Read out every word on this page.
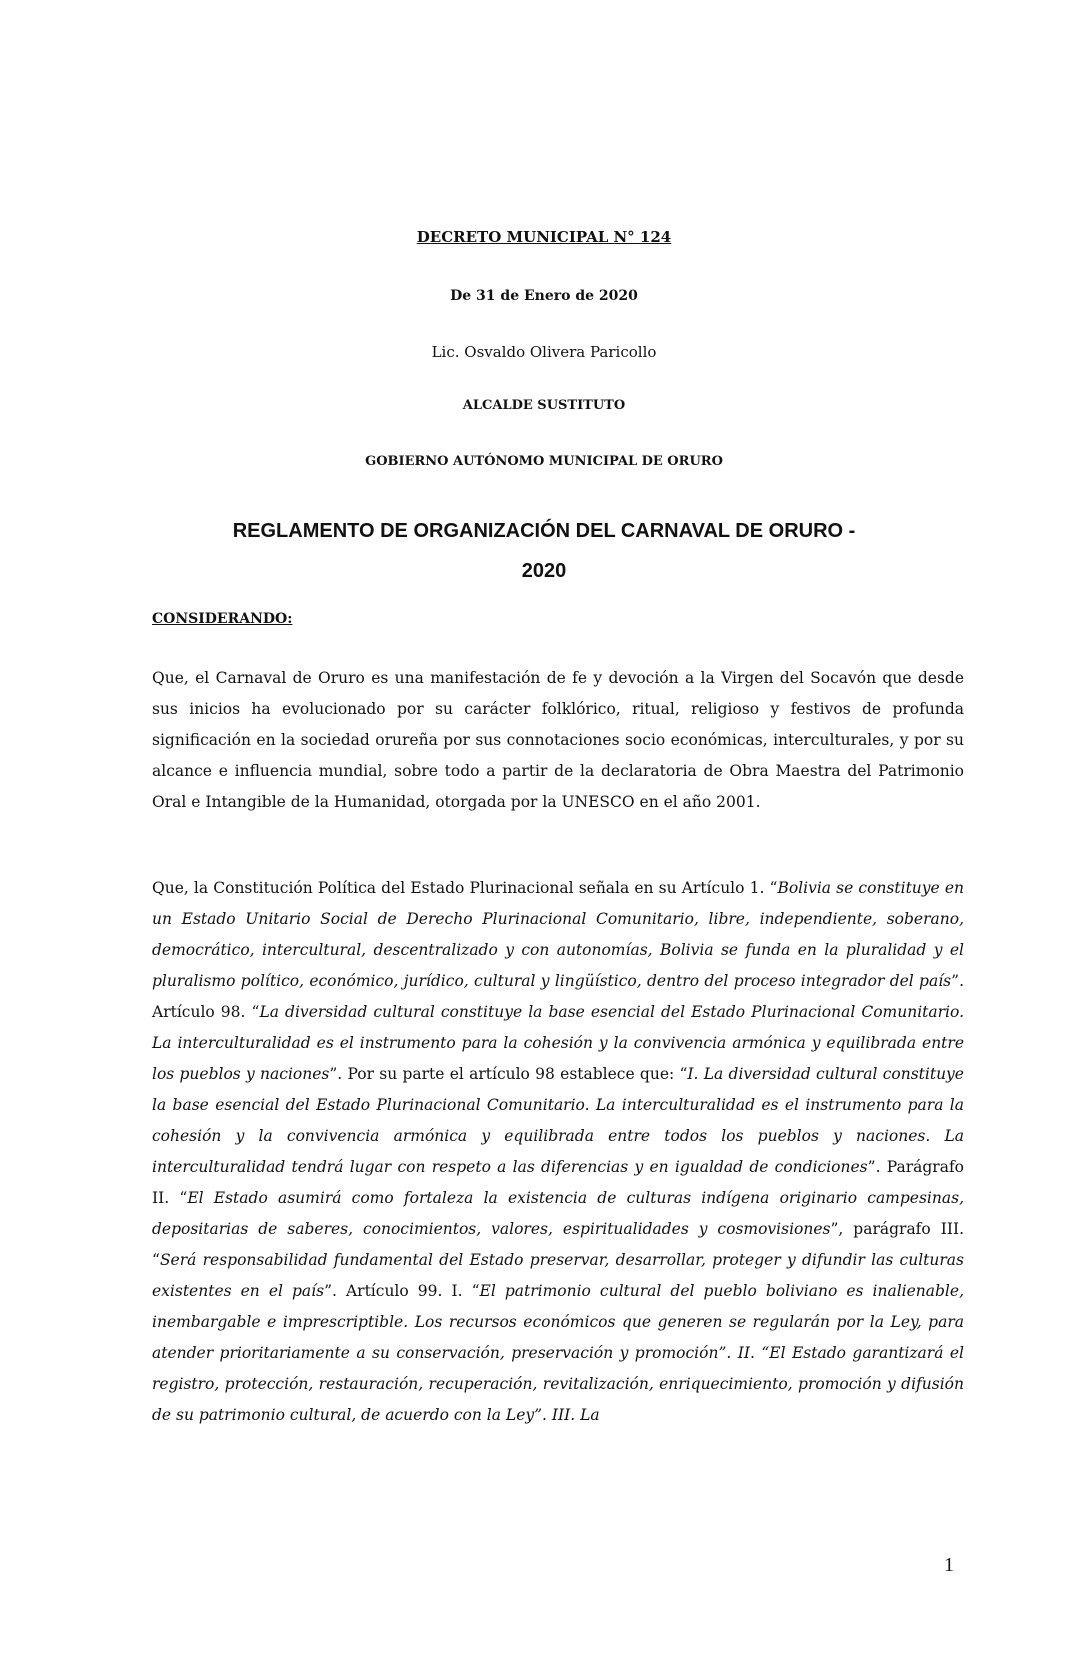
DECRETO MUNICIPAL N° 124
De 31 de Enero de 2020
Lic. Osvaldo Olivera Paricollo
ALCALDE SUSTITUTO
GOBIERNO AUTÓNOMO MUNICIPAL DE ORURO
REGLAMENTO DE ORGANIZACIÓN DEL CARNAVAL DE ORURO -
2020
CONSIDERANDO:

Que, el Carnaval de Oruro es una manifestación de fe y devoción a la Virgen del Socavón que desde sus inicios ha evolucionado por su carácter folklórico, ritual, religioso y festivos de profunda significación en la sociedad orureña por sus connotaciones socio económicas, interculturales, y por su alcance e influencia mundial, sobre todo a partir de la declaratoria de Obra Maestra del Patrimonio Oral e Intangible de la Humanidad, otorgada por la UNESCO en el año 2001.

Que, la Constitución Política del Estado Plurinacional señala en su Artículo 1. “Bolivia se constituye en un Estado Unitario Social de Derecho Plurinacional Comunitario, libre, independiente, soberano, democrático, intercultural, descentralizado y con autonomías, Bolivia se funda en la pluralidad y el pluralismo político, económico, jurídico, cultural y lingüístico, dentro del proceso integrador del país”. Artículo 98. “La diversidad cultural constituye la base esencial del Estado Plurinacional Comunitario. La interculturalidad es el instrumento para la cohesión y la convivencia armónica y equilibrada entre los pueblos y naciones”. Por su parte el artículo 98 establece que: “I. La diversidad cultural constituye la base esencial del Estado Plurinacional Comunitario. La interculturalidad es el instrumento para la cohesión y la convivencia armónica y equilibrada entre todos los pueblos y naciones. La interculturalidad tendrá lugar con respeto a las diferencias y en igualdad de condiciones”. Parágrafo II. “El Estado asumirá como fortaleza la existencia de culturas indígena originario campesinas, depositarias de saberes, conocimientos, valores, espiritualidades y cosmovisiones”, parágrafo III. “Será responsabilidad fundamental del Estado preservar, desarrollar, proteger y difundir las culturas existentes en el país”. Artículo 99. I. “El patrimonio cultural del pueblo boliviano es inalienable, inembargable e imprescriptible. Los recursos económicos que generen se regularán por la Ley, para atender prioritariamente a su conservación, preservación y promoción”. II. “El Estado garantizará el registro, protección, restauración, recuperación, revitalización, enriquecimiento, promoción y difusión de su patrimonio cultural, de acuerdo con la Ley”. III. La

1
